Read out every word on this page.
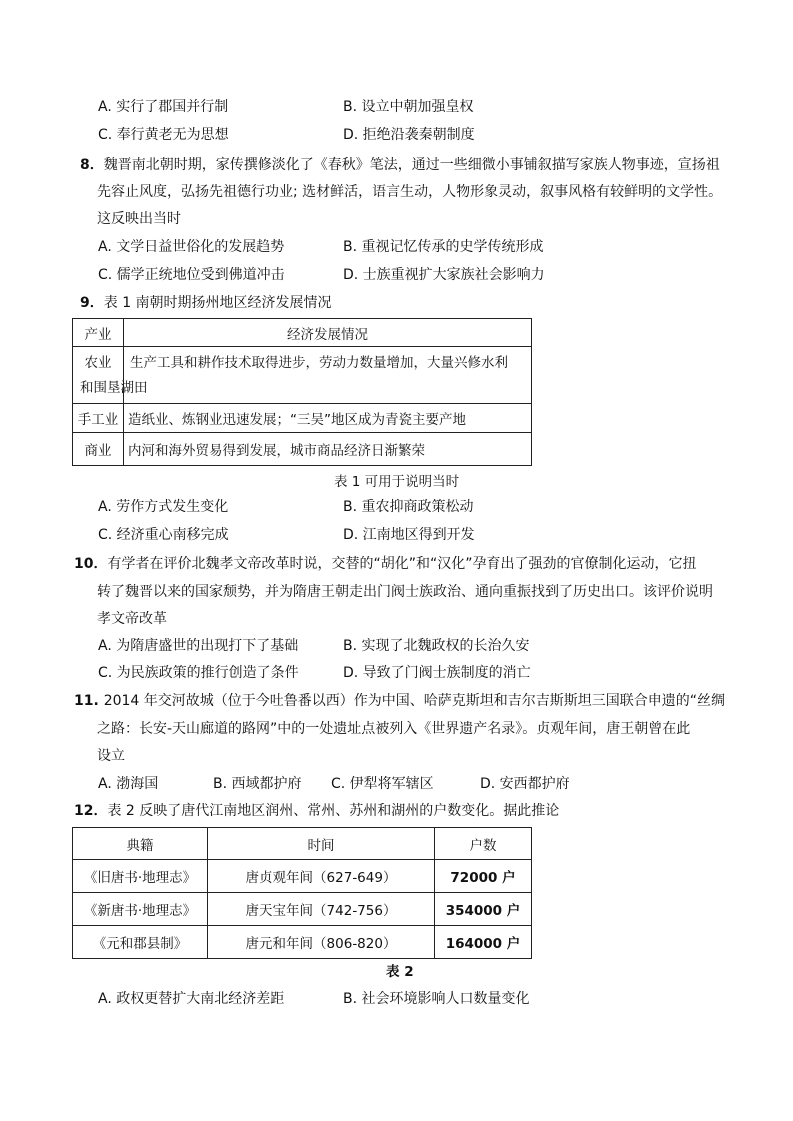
A. 实行了郡国并行制	B. 设立中朝加强皇权
C. 奉行黄老无为思想	D. 拒绝沿袭秦朝制度
8．魏晋南北朝时期，家传撰修淡化了《春秋》笔法，通过一些细微小事铺叙描写家族人物事迹，宣扬祖
先容止风度，弘扬先祖德行功业; 选材鲜活，语言生动，人物形象灵动，叙事风格有较鲜明的文学性。
这反映出当时
A. 文学日益世俗化的发展趋势	B. 重视记忆传承的史学传统形成
C. 儒学正统地位受到佛道冲击	D. 士族重视扩大家族社会影响力
9．表 1 南朝时期扬州地区经济发展情况
产业	经济发展情况
农业	生产工具和耕作技术取得进步，劳动力数量增加，大量兴修水利
和围垦湖田

手工业	造纸业、炼钢业迅速发展；“三吴”地区成为青瓷主要产地
商业	内河和海外贸易得到发展，城市商品经济日渐繁荣
表 1 可用于说明当时
A. 劳作方式发生变化	B. 重农抑商政策松动
C. 经济重心南移完成	D. 江南地区得到开发
10．有学者在评价北魏孝文帝改革时说，交替的“胡化”和“汉化”孕育出了强劲的官僚制化运动，它扭
转了魏晋以来的国家颓势，并为隋唐王朝走出门阀士族政治、通向重振找到了历史出口。该评价说明
孝文帝改革
A. 为隋唐盛世的出现打下了基础	B. 实现了北魏政权的长治久安
C. 为民族政策的推行创造了条件	D. 导致了门阀士族制度的消亡
11. 2014 年交河故城（位于今吐鲁番以西）作为中国、哈萨克斯坦和吉尔吉斯斯坦三国联合申遗的“丝绸
之路：长安-天山廊道的路网”中的一处遗址点被列入《世界遗产名录》。贞观年间，唐王朝曾在此
设立
A. 渤海国	B. 西域都护府 C. 伊犁将军辖区	D. 安西都护府
12．表 2 反映了唐代江南地区润州、常州、苏州和湖州的户数变化。据此推论
典籍	时间	户数
《旧唐书·地理志》	唐贞观年间（627-649）	72000 户
《新唐书·地理志》	唐天宝年间（742-756）	354000 户
《元和郡县制》	唐元和年间（806-820）	164000 户
表 2
A. 政权更替扩大南北经济差距	B. 社会环境影响人口数量变化
